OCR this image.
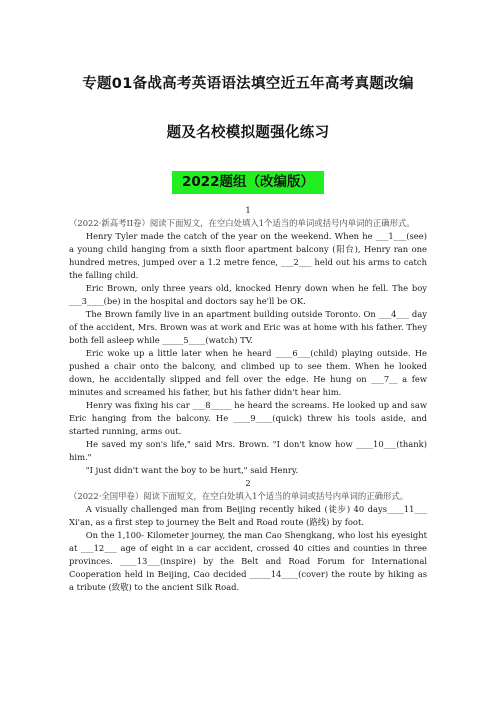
专题01备战高考英语语法填空近五年高考真题改编
题及名校模拟题强化练习
2022题组（改编版）
1

（2022·新高考II卷）阅读下面短文，在空白处填入1个适当的单词或括号内单词的正确形式。

Henry Tyler made the catch of the year on the weekend. When he ___1___(see) a young child hanging from a sixth floor apartment balcony (阳台), Henry ran one hundred metres, jumped over a 1.2 metre fence, ___2___ held out his arms to catch the falling child.

Eric Brown, only three years old, knocked Henry down when he fell. The boy ___3____(be) in the hospital and doctors say he'll be OK.

The Brown family live in an apartment building outside Toronto. On ___4___ day of the accident, Mrs. Brown was at work and Eric was at home with his father. They both fell asleep while _____5____(watch) TV.

Eric woke up a little later when he heard ____6___(child) playing outside. He pushed a chair onto the balcony, and climbed up to see them. When he looked down, he accidentally slipped and fell over the edge. He hung on ___7__ a few minutes and screamed his father, but his father didn't hear him.

Henry was fixing his car ___8_____ he heard the screams. He looked up and saw Eric hanging from the balcony. He ____9____(quick) threw his tools aside, and started running, arms out.

He saved my son's life," said Mrs. Brown. "I don't know how ____10___(thank) him."

"I just didn't want the boy to be hurt," said Henry.

2

（2022·全国甲卷）阅读下面短文，在空白处填入1个适当的单词或括号内单词的正确形式。

A visually challenged man from Beijing recently hiked (徒步) 40 days____11___ Xi'an, as a first step to journey the Belt and Road route (路线) by foot.

On the 1,100- Kilometer journey, the man Cao Shengkang, who lost his eyesight at ___12___ age of eight in a car accident, crossed 40 cities and counties in three provinces. ____13___(inspire) by the Belt and Road Forum for International Cooperation held in Beijing, Cao decided _____14____(cover) the route by hiking as a tribute (致敬) to the ancient Silk Road.
